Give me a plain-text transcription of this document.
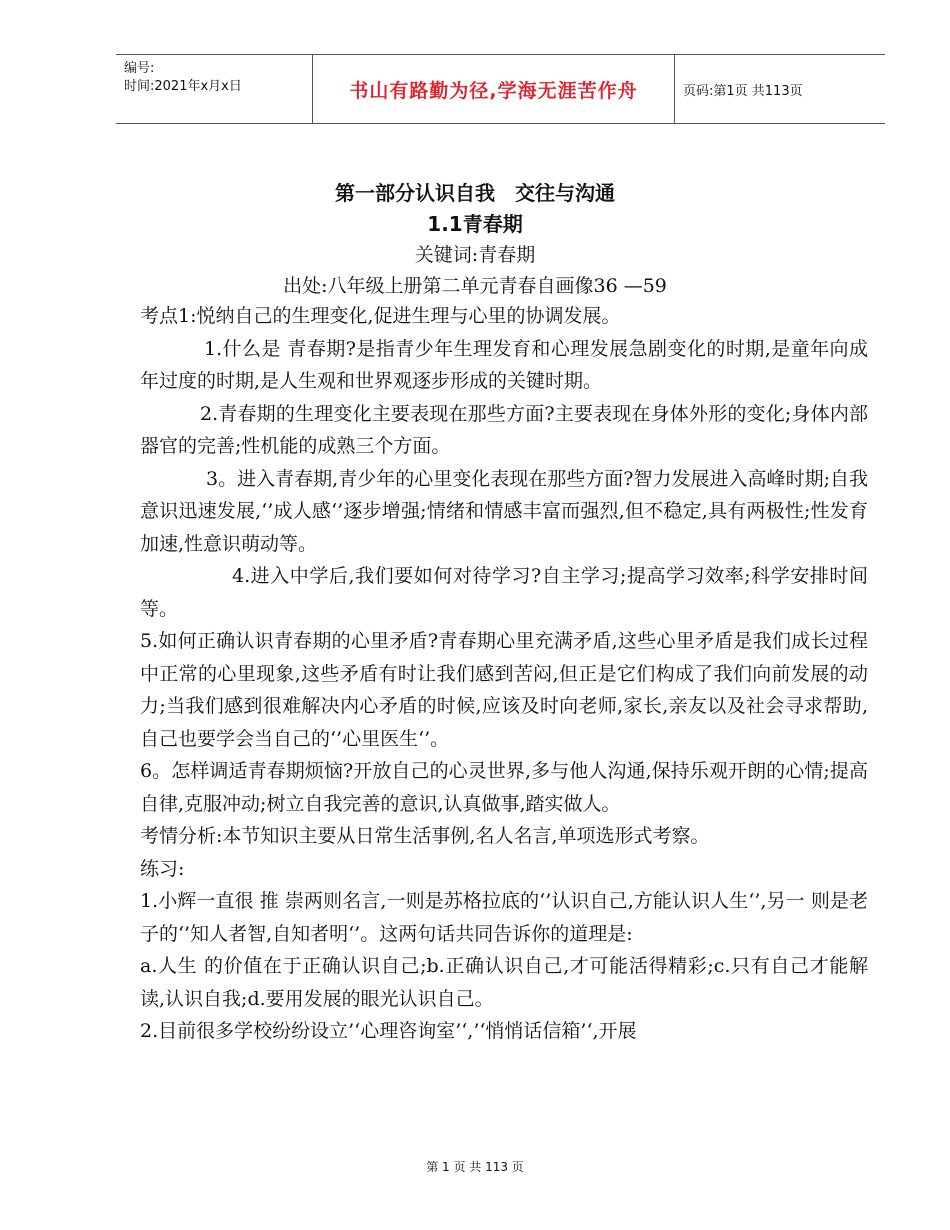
编号:
时间:2021年x月x日	书山有路勤为径,学海无涯苦作舟	页码:第1页 共113页
第一部分认识自我 交往与沟通
1.1青春期
关键词:青春期
出处:八年级上册第二单元青春自画像36 —59

考点1:悦纳自己的生理变化,促进生理与心里的协调发展。

1.什么是 青春期?是指青少年生理发育和心理发展急剧变化的时期,是童年向成年过度的时期,是人生观和世界观逐步形成的关键时期。

2.青春期的生理变化主要表现在那些方面?主要表现在身体外形的变化;身体内部器官的完善;性机能的成熟三个方面。

3。进入青春期,青少年的心里变化表现在那些方面?智力发展进入高峰时期;自我意识迅速发展,‘’成人感‘’逐步增强;情绪和情感丰富而强烈,但不稳定,具有两极性;性发育加速,性意识萌动等。

4.进入中学后,我们要如何对待学习?自主学习;提高学习效率;科学安排时间等。

5.如何正确认识青春期的心里矛盾?青春期心里充满矛盾,这些心里矛盾是我们成长过程中正常的心里现象,这些矛盾有时让我们感到苦闷,但正是它们构成了我们向前发展的动力;当我们感到很难解决内心矛盾的时候,应该及时向老师,家长,亲友以及社会寻求帮助,自己也要学会当自己的‘’心里医生‘’。

6。怎样调适青春期烦恼?开放自己的心灵世界,多与他人沟通,保持乐观开朗的心情;提高自律,克服冲动;树立自我完善的意识,认真做事,踏实做人。

考情分析:本节知识主要从日常生活事例,名人名言,单项选形式考察。

练习:

1.小辉一直很 推 崇两则名言,一则是苏格拉底的‘’认识自己,方能认识人生‘’,另一 则是老子的‘’知人者智,自知者明‘’。这两句话共同告诉你的道理是:

a.人生 的价值在于正确认识自己;b.正确认识自己,才可能活得精彩;c.只有自己才能解读,认识自我;d.要用发展的眼光认识自己。

2.目前很多学校纷纷设立’‘心理咨询室’‘,’‘悄悄话信箱’‘,开展

第 1 页 共 113 页
